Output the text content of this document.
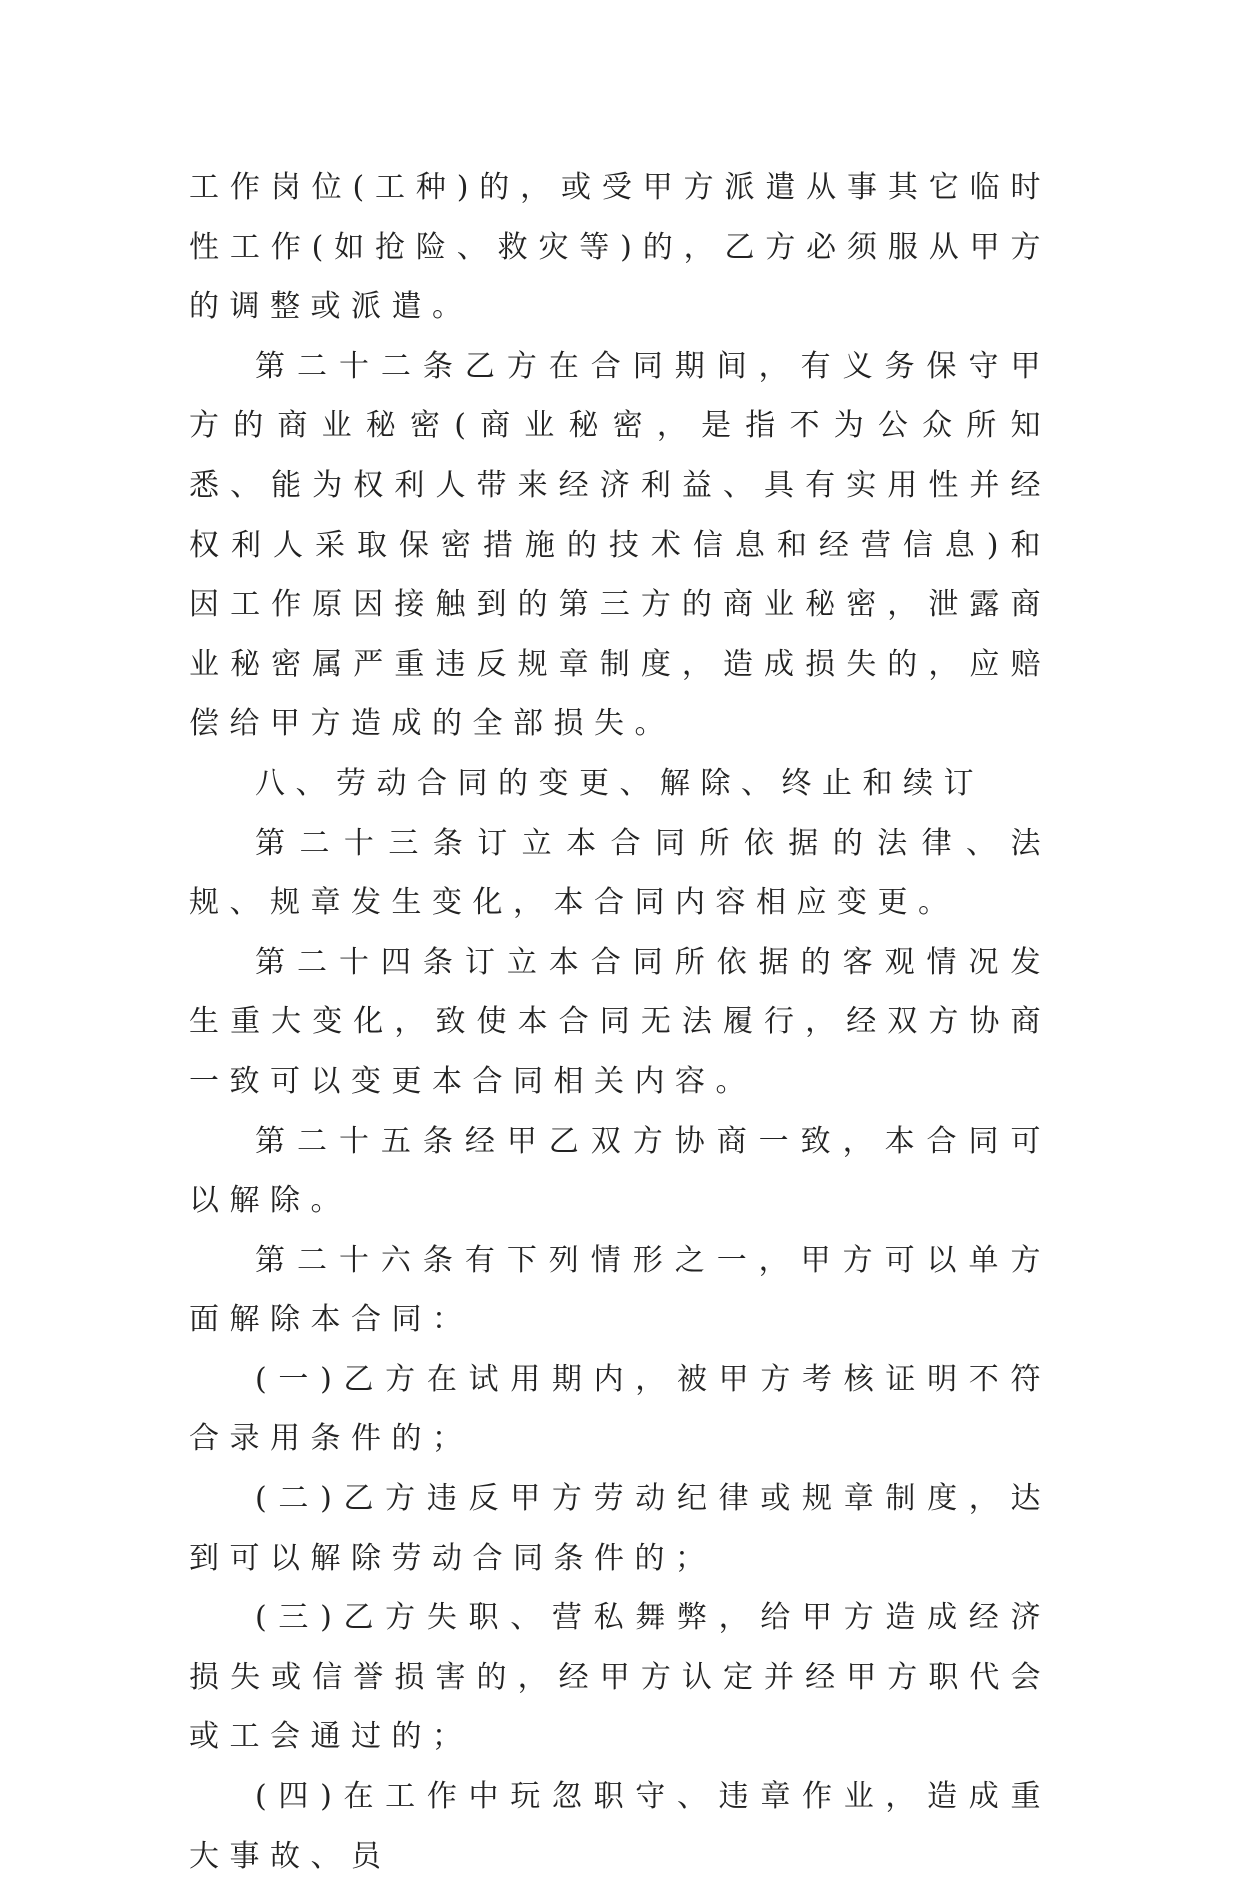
工作岗位(工种)的，或受甲方派遣从事其它临时性工作(如抢险、救灾等)的，乙方必须服从甲方的调整或派遣。

第二十二条乙方在合同期间，有义务保守甲方的商业秘密(商业秘密，是指不为公众所知悉、能为权利人带来经济利益、具有实用性并经权利人采取保密措施的技术信息和经营信息)和因工作原因接触到的第三方的商业秘密，泄露商业秘密属严重违反规章制度，造成损失的，应赔偿给甲方造成的全部损失。

八、劳动合同的变更、解除、终止和续订

第二十三条订立本合同所依据的法律、法规、规章发生变化，本合同内容相应变更。

第二十四条订立本合同所依据的客观情况发生重大变化，致使本合同无法履行，经双方协商一致可以变更本合同相关内容。

第二十五条经甲乙双方协商一致，本合同可以解除。

第二十六条有下列情形之一，甲方可以单方面解除本合同：

(一)乙方在试用期内，被甲方考核证明不符合录用条件的；

(二)乙方违反甲方劳动纪律或规章制度，达到可以解除劳动合同条件的；

(三)乙方失职、营私舞弊，给甲方造成经济损失或信誉损害的，经甲方认定并经甲方职代会或工会通过的；

(四)在工作中玩忽职守、违章作业，造成重大事故、员
